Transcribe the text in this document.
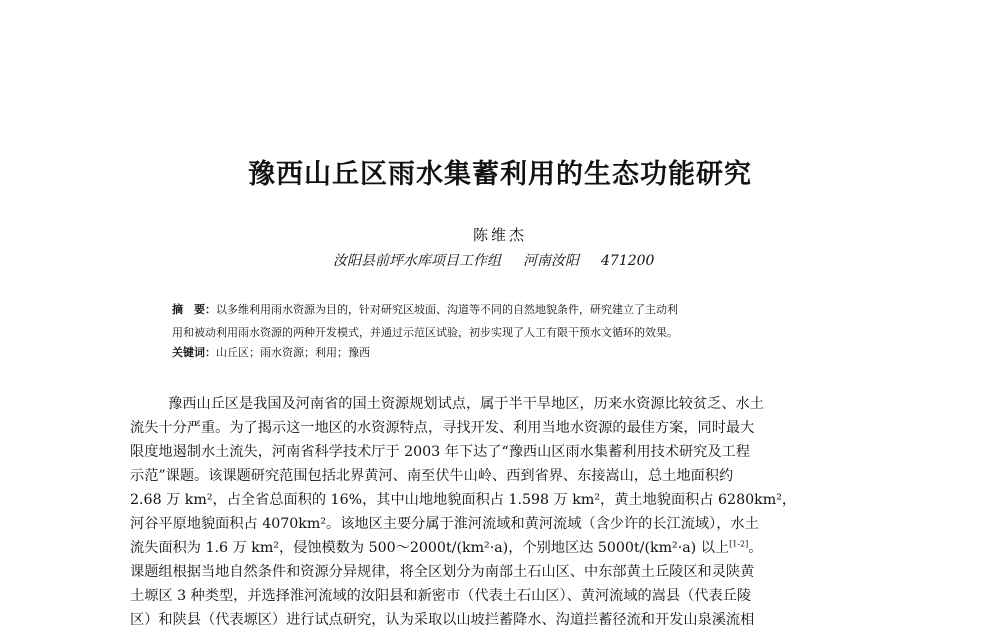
豫西山丘区雨水集蓄利用的生态功能研究
陈维杰
汝阳县前坪水库项目工作组 河南汝阳 471200
摘　要：以多维利用雨水资源为目的，针对研究区坡面、沟道等不同的自然地貌条件，研究建立了主动利
用和被动利用雨水资源的两种开发模式，并通过示范区试验，初步实现了人工有限干预水文循环的效果。
关键词：山丘区；雨水资源；利用；豫西
豫西山丘区是我国及河南省的国土资源规划试点，属于半干旱地区，历来水资源比较贫乏、水土
流失十分严重。为了揭示这一地区的水资源特点，寻找开发、利用当地水资源的最佳方案，同时最大
限度地遏制水土流失，河南省科学技术厅于 2003 年下达了“豫西山区雨水集蓄利用技术研究及工程
示范”课题。该课题研究范围包括北界黄河、南至伏牛山岭、西到省界、东接嵩山，总土地面积约
2.68 万 km²，占全省总面积的 16%，其中山地地貌面积占 1.598 万 km²，黄土地貌面积占 6280km²，
河谷平原地貌面积占 4070km²。该地区主要分属于淮河流域和黄河流域（含少许的长江流域），水土
流失面积为 1.6 万 km²，侵蚀模数为 500～2000t/(km²·a)，个别地区达 5000t/(km²·a) 以上[1-2]。
课题组根据当地自然条件和资源分异规律，将全区划分为南部土石山区、中东部黄土丘陵区和灵陕黄
土塬区 3 种类型，并选择淮河流域的汝阳县和新密市（代表土石山区）、黄河流域的嵩县（代表丘陵
区）和陕县（代表塬区）进行试点研究，认为采取以山坡拦蓄降水、沟道拦蓄径流和开发山泉溪流相
